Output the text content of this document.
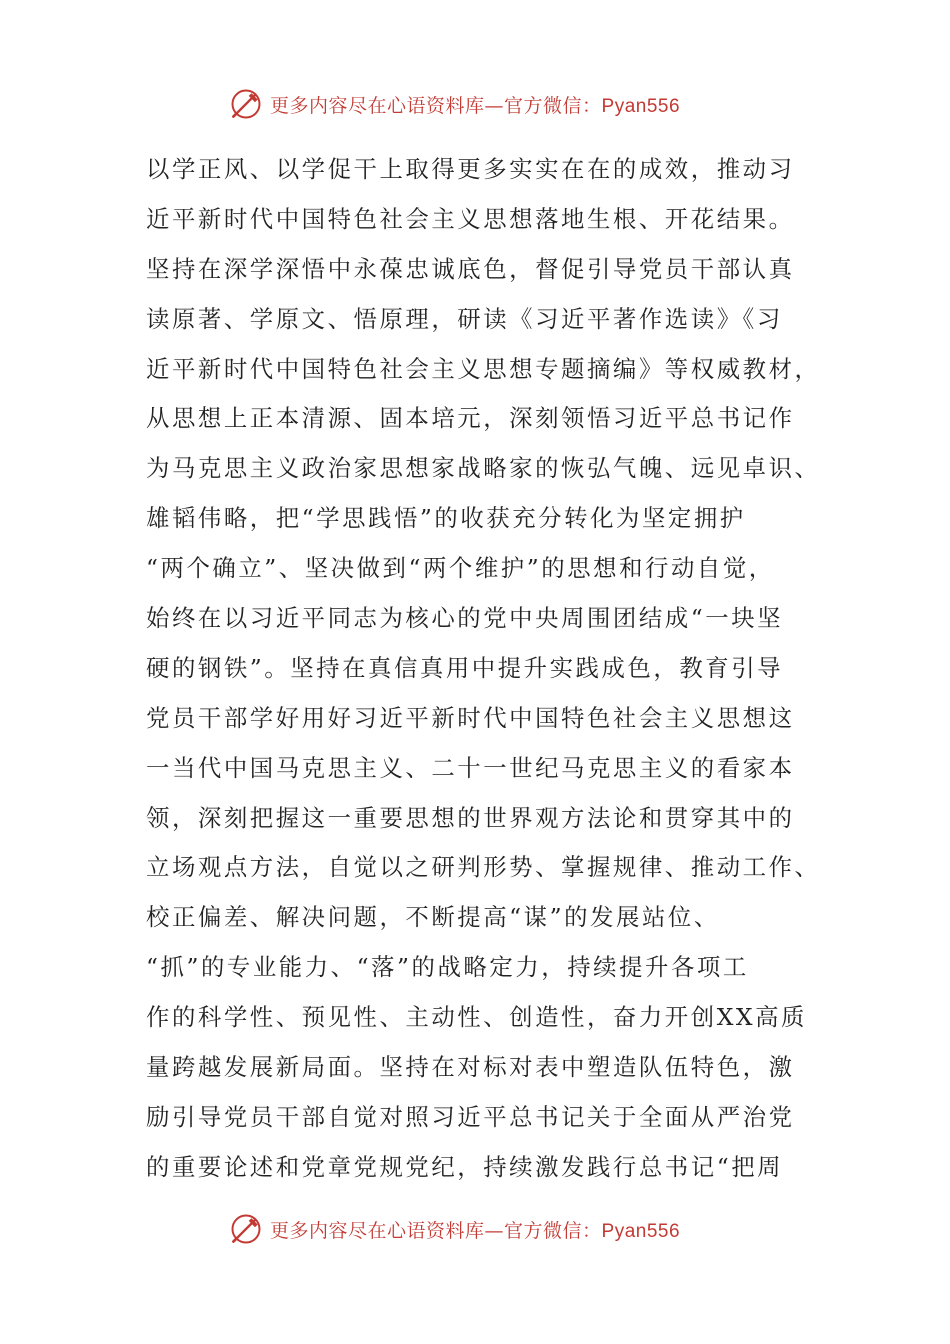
更多内容尽在心语资料库—官方微信：Pyan556
以学正风、以学促干上取得更多实实在在的成效，推动习
近平新时代中国特色社会主义思想落地生根、开花结果。
坚持在深学深悟中永葆忠诚底色，督促引导党员干部认真
读原著、学原文、悟原理，研读《习近平著作选读》《习
近平新时代中国特色社会主义思想专题摘编》等权威教材，
从思想上正本清源、固本培元，深刻领悟习近平总书记作
为马克思主义政治家思想家战略家的恢弘气魄、远见卓识、
雄韬伟略，把“学思践悟”的收获充分转化为坚定拥护
“两个确立”、坚决做到“两个维护”的思想和行动自觉，
始终在以习近平同志为核心的党中央周围团结成“一块坚
硬的钢铁”。坚持在真信真用中提升实践成色，教育引导
党员干部学好用好习近平新时代中国特色社会主义思想这
一当代中国马克思主义、二十一世纪马克思主义的看家本
领，深刻把握这一重要思想的世界观方法论和贯穿其中的
立场观点方法，自觉以之研判形势、掌握规律、推动工作、
校正偏差、解决问题，不断提高“谋”的发展站位、
“抓”的专业能力、“落”的战略定力，持续提升各项工
作的科学性、预见性、主动性、创造性，奋力开创XX高质
量跨越发展新局面。坚持在对标对表中塑造队伍特色，激
励引导党员干部自觉对照习近平总书记关于全面从严治党
的重要论述和党章党规党纪，持续激发践行总书记“把周
更多内容尽在心语资料库—官方微信：Pyan556
